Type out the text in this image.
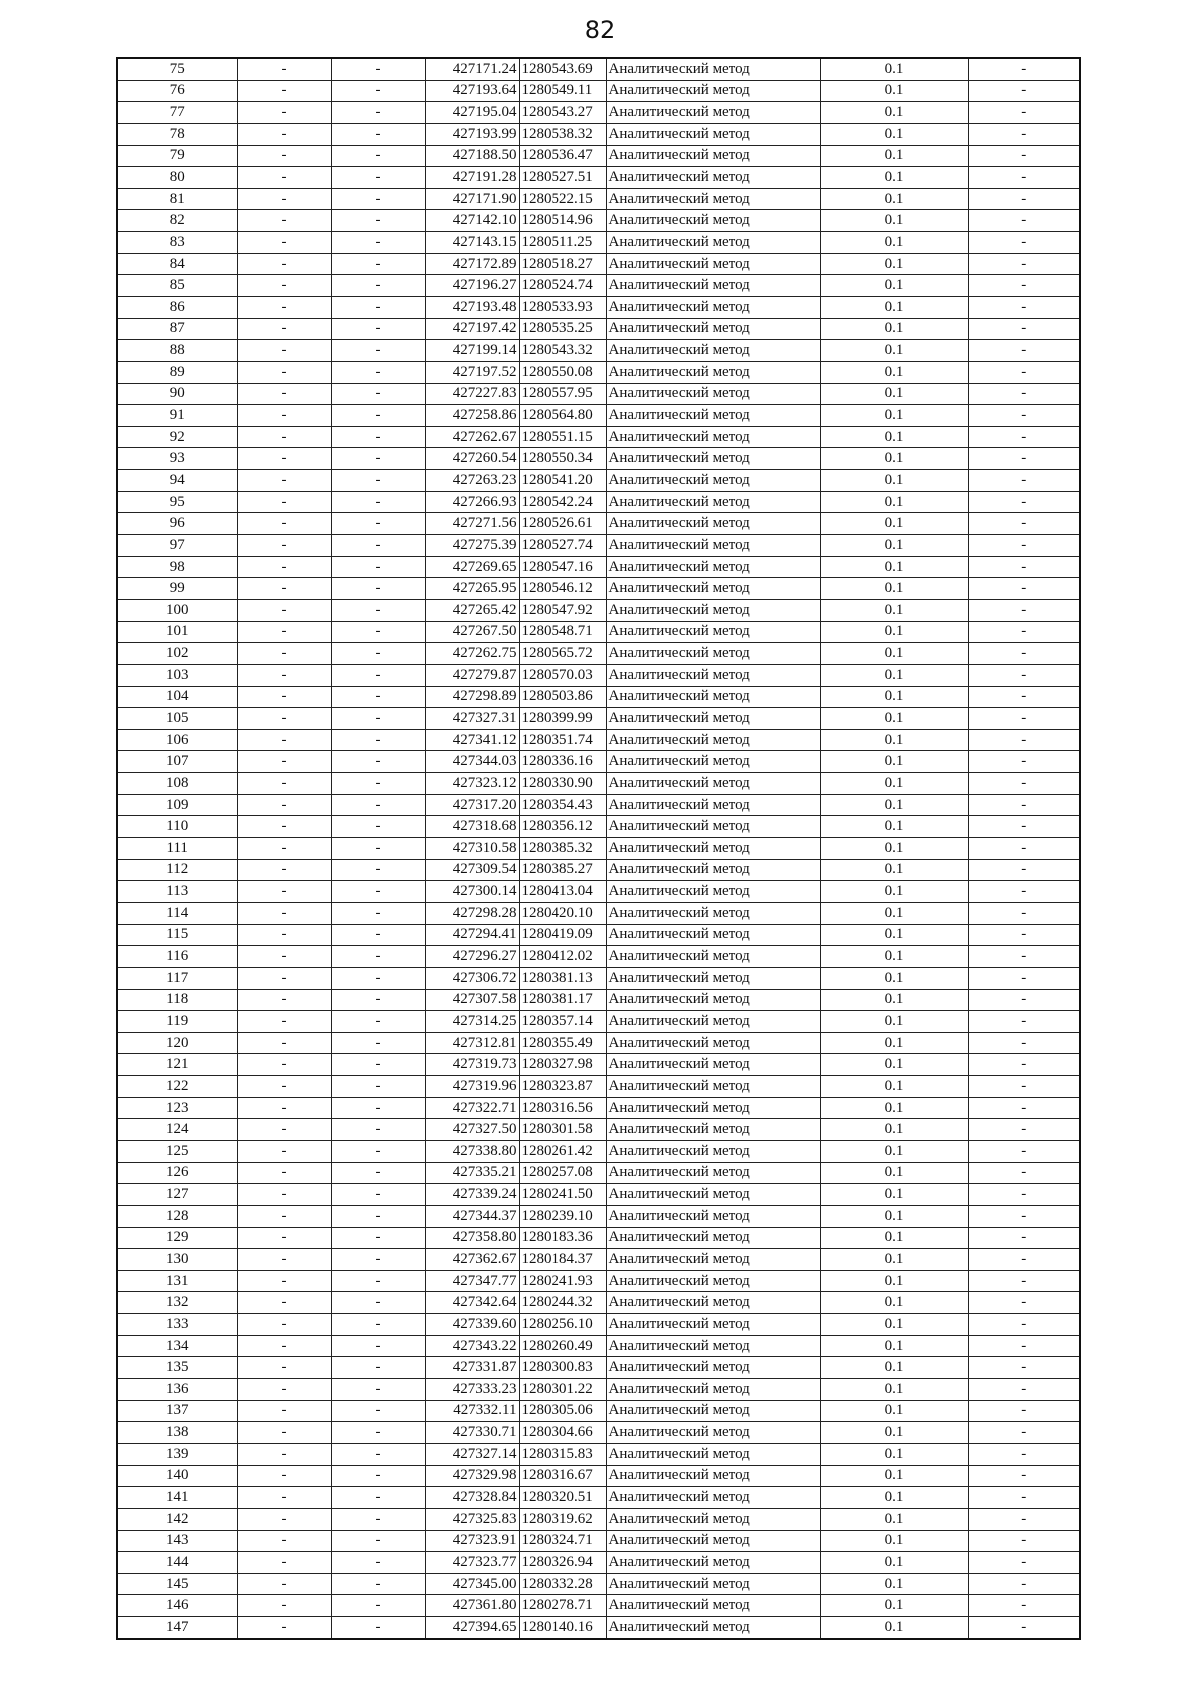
82
75	-	-	427171.24	1280543.69	Аналитический метод	0.1	-
76	-	-	427193.64	1280549.11	Аналитический метод	0.1	-
77	-	-	427195.04	1280543.27	Аналитический метод	0.1	-
78	-	-	427193.99	1280538.32	Аналитический метод	0.1	-
79	-	-	427188.50	1280536.47	Аналитический метод	0.1	-
80	-	-	427191.28	1280527.51	Аналитический метод	0.1	-
81	-	-	427171.90	1280522.15	Аналитический метод	0.1	-
82	-	-	427142.10	1280514.96	Аналитический метод	0.1	-
83	-	-	427143.15	1280511.25	Аналитический метод	0.1	-
84	-	-	427172.89	1280518.27	Аналитический метод	0.1	-
85	-	-	427196.27	1280524.74	Аналитический метод	0.1	-
86	-	-	427193.48	1280533.93	Аналитический метод	0.1	-
87	-	-	427197.42	1280535.25	Аналитический метод	0.1	-
88	-	-	427199.14	1280543.32	Аналитический метод	0.1	-
89	-	-	427197.52	1280550.08	Аналитический метод	0.1	-
90	-	-	427227.83	1280557.95	Аналитический метод	0.1	-
91	-	-	427258.86	1280564.80	Аналитический метод	0.1	-
92	-	-	427262.67	1280551.15	Аналитический метод	0.1	-
93	-	-	427260.54	1280550.34	Аналитический метод	0.1	-
94	-	-	427263.23	1280541.20	Аналитический метод	0.1	-
95	-	-	427266.93	1280542.24	Аналитический метод	0.1	-
96	-	-	427271.56	1280526.61	Аналитический метод	0.1	-
97	-	-	427275.39	1280527.74	Аналитический метод	0.1	-
98	-	-	427269.65	1280547.16	Аналитический метод	0.1	-
99	-	-	427265.95	1280546.12	Аналитический метод	0.1	-
100	-	-	427265.42	1280547.92	Аналитический метод	0.1	-
101	-	-	427267.50	1280548.71	Аналитический метод	0.1	-
102	-	-	427262.75	1280565.72	Аналитический метод	0.1	-
103	-	-	427279.87	1280570.03	Аналитический метод	0.1	-
104	-	-	427298.89	1280503.86	Аналитический метод	0.1	-
105	-	-	427327.31	1280399.99	Аналитический метод	0.1	-
106	-	-	427341.12	1280351.74	Аналитический метод	0.1	-
107	-	-	427344.03	1280336.16	Аналитический метод	0.1	-
108	-	-	427323.12	1280330.90	Аналитический метод	0.1	-
109	-	-	427317.20	1280354.43	Аналитический метод	0.1	-
110	-	-	427318.68	1280356.12	Аналитический метод	0.1	-
111	-	-	427310.58	1280385.32	Аналитический метод	0.1	-
112	-	-	427309.54	1280385.27	Аналитический метод	0.1	-
113	-	-	427300.14	1280413.04	Аналитический метод	0.1	-
114	-	-	427298.28	1280420.10	Аналитический метод	0.1	-
115	-	-	427294.41	1280419.09	Аналитический метод	0.1	-
116	-	-	427296.27	1280412.02	Аналитический метод	0.1	-
117	-	-	427306.72	1280381.13	Аналитический метод	0.1	-
118	-	-	427307.58	1280381.17	Аналитический метод	0.1	-
119	-	-	427314.25	1280357.14	Аналитический метод	0.1	-
120	-	-	427312.81	1280355.49	Аналитический метод	0.1	-
121	-	-	427319.73	1280327.98	Аналитический метод	0.1	-
122	-	-	427319.96	1280323.87	Аналитический метод	0.1	-
123	-	-	427322.71	1280316.56	Аналитический метод	0.1	-
124	-	-	427327.50	1280301.58	Аналитический метод	0.1	-
125	-	-	427338.80	1280261.42	Аналитический метод	0.1	-
126	-	-	427335.21	1280257.08	Аналитический метод	0.1	-
127	-	-	427339.24	1280241.50	Аналитический метод	0.1	-
128	-	-	427344.37	1280239.10	Аналитический метод	0.1	-
129	-	-	427358.80	1280183.36	Аналитический метод	0.1	-
130	-	-	427362.67	1280184.37	Аналитический метод	0.1	-
131	-	-	427347.77	1280241.93	Аналитический метод	0.1	-
132	-	-	427342.64	1280244.32	Аналитический метод	0.1	-
133	-	-	427339.60	1280256.10	Аналитический метод	0.1	-
134	-	-	427343.22	1280260.49	Аналитический метод	0.1	-
135	-	-	427331.87	1280300.83	Аналитический метод	0.1	-
136	-	-	427333.23	1280301.22	Аналитический метод	0.1	-
137	-	-	427332.11	1280305.06	Аналитический метод	0.1	-
138	-	-	427330.71	1280304.66	Аналитический метод	0.1	-
139	-	-	427327.14	1280315.83	Аналитический метод	0.1	-
140	-	-	427329.98	1280316.67	Аналитический метод	0.1	-
141	-	-	427328.84	1280320.51	Аналитический метод	0.1	-
142	-	-	427325.83	1280319.62	Аналитический метод	0.1	-
143	-	-	427323.91	1280324.71	Аналитический метод	0.1	-
144	-	-	427323.77	1280326.94	Аналитический метод	0.1	-
145	-	-	427345.00	1280332.28	Аналитический метод	0.1	-
146	-	-	427361.80	1280278.71	Аналитический метод	0.1	-
147	-	-	427394.65	1280140.16	Аналитический метод	0.1	-
